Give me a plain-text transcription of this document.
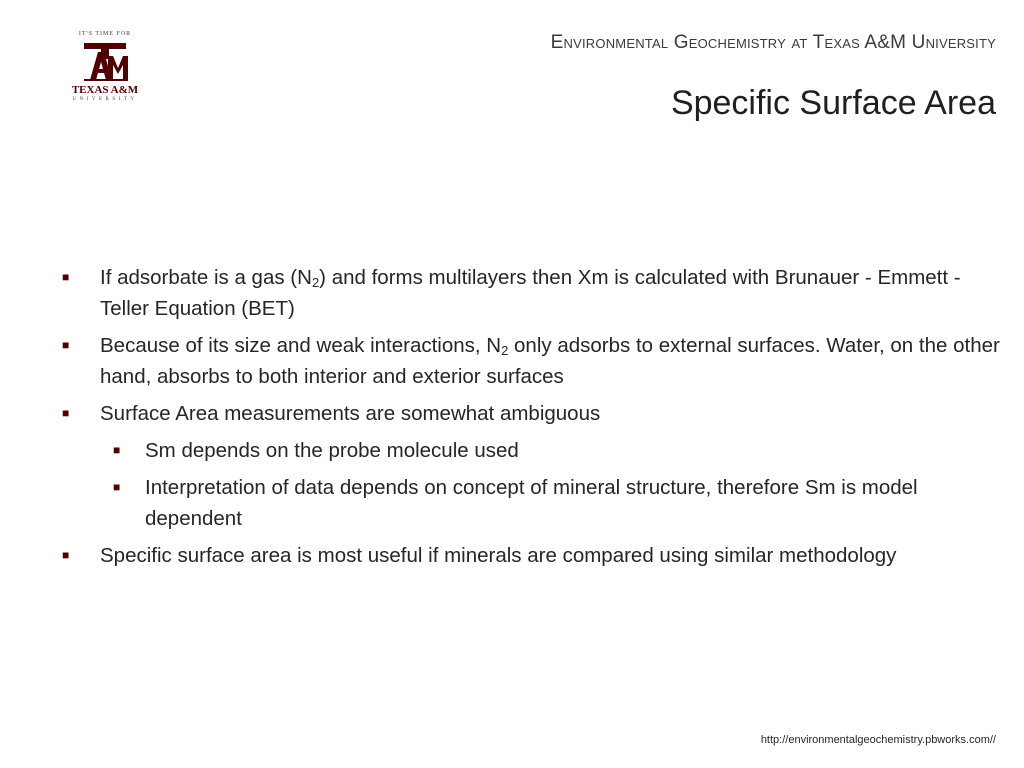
IT'S TIME FOR
TEXAS A&M
UNIVERSITY
Environmental Geochemistry at Texas A&M University
Specific Surface Area
■ If adsorbate is a gas $(N_2)$ and forms multilayers then Xm is calculated with Brunauer - Emmett - Teller Equation (BET)
■ Because of its size and weak interactions, $N_2$ only adsorbs to external surfaces. Water, on the other hand, absorbs to both interior and exterior surfaces
■ Surface Area measurements are somewhat ambiguous
■ Sm depends on the probe molecule used
■ Interpretation of data depends on concept of mineral structure, therefore Sm is model dependent
■ Specific surface area is most useful if minerals are compared using similar methodology
http://environmentalgeochemistry.pbworks.com//
